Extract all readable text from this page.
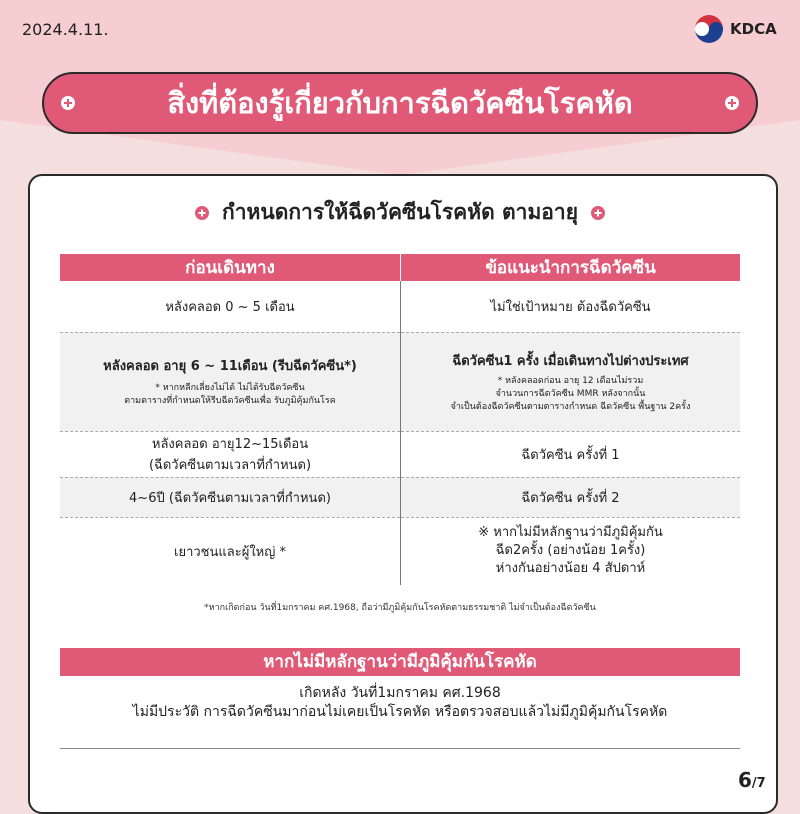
2024.4.11.	KDCA
สิ่งที่ต้องรู้เกี่ยวกับการฉีดวัคซีนโรคหัด
กำหนดการให้ฉีดวัคซีนโรคหัด ตามอายุ
ก่อนเดินทาง	ข้อแนะนำการฉีดวัคซีน
หลังคลอด 0 ~ 5 เดือน	ไม่ใช่เป้าหมาย ต้องฉีดวัคซีน

หลังคลอด อายุ 6 ~ 11เดือน (รีบฉีดวัคซีน*)
* หากหลีกเลี่ยงไม่ได้ ไม่ได้รับฉีดวัคซีน
ตามตารางที่กำหนดให้รีบฉีดวัคซีนเพื่อ รับภูมิคุ้มกันโรค	ฉีดวัคซีน1 ครั้ง เมื่อเดินทางไปต่างประเทศ
* หลังคลอดก่อน อายุ 12 เดือนไม่รวม
จำนวนการฉีดวัคซีน MMR หลังจากนั้น
จำเป็นต้องฉีดวัคซีนตามตารางกำหนด ฉีดวัคซีน พื้นฐาน 2ครั้ง

หลังคลอด อายุ12~15เดือน
(ฉีดวัคซีนตามเวลาที่กำหนด)	ฉีดวัคซีน ครั้งที่ 1
4~6ปี (ฉีดวัคซีนตามเวลาที่กำหนด)	ฉีดวัคซีน ครั้งที่ 2
เยาวชนและผู้ใหญ่ *	※ หากไม่มีหลักฐานว่ามีภูมิคุ้มกัน
ฉีด2ครั้ง (อย่างน้อย 1ครั้ง)
ห่างกันอย่างน้อย 4 สัปดาห์
*หากเกิดก่อน วันที่1มกราคม คศ.1968, ถือว่ามีภูมิคุ้มกันโรคหัดตามธรรมชาติ ไม่จำเป็นต้องฉีดวัคซีน
หากไม่มีหลักฐานว่ามีภูมิคุ้มกันโรคหัด
เกิดหลัง วันที่1มกราคม คศ.1968
ไม่มีประวัติ การฉีดวัคซีนมาก่อนไม่เคยเป็นโรคหัด หรือตรวจสอบแล้วไม่มีภูมิคุ้มกันโรคหัด
6/7
